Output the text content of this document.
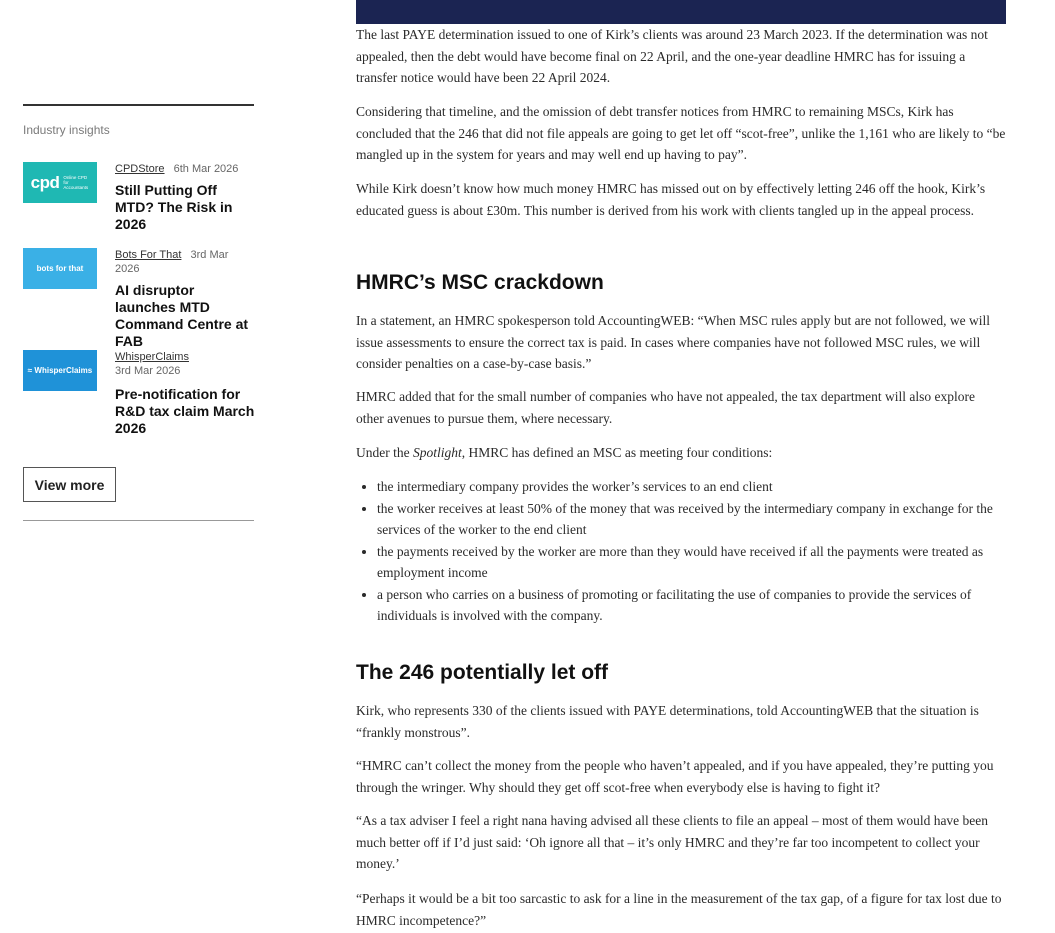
Industry insights
cpd Online CPD for Accountants
CPDStore 6th Mar 2026
Still Putting Off MTD? The Risk in 2026
bots for that
Bots For That 3rd Mar 2026
AI disruptor launches MTD Command Centre at FAB
≈ WhisperClaims
WhisperClaims
3rd Mar 2026
Pre-notification for R&D tax claim March 2026
View more

The last PAYE determination issued to one of Kirk’s clients was around 23 March 2023. If the determination was not appealed, then the debt would have become final on 22 April, and the one-year deadline HMRC has for issuing a transfer notice would have been 22 April 2024.

Considering that timeline, and the omission of debt transfer notices from HMRC to remaining MSCs, Kirk has concluded that the 246 that did not file appeals are going to get let off “scot-free”, unlike the 1,161 who are likely to “be mangled up in the system for years and may well end up having to pay”.

While Kirk doesn’t know how much money HMRC has missed out on by effectively letting 246 off the hook, Kirk’s educated guess is about £30m. This number is derived from his work with clients tangled up in the appeal process.

HMRC’s MSC crackdown

In a statement, an HMRC spokesperson told AccountingWEB: “When MSC rules apply but are not followed, we will issue assessments to ensure the correct tax is paid. In cases where companies have not followed MSC rules, we will consider penalties on a case-by-case basis.”

HMRC added that for the small number of companies who have not appealed, the tax department will also explore other avenues to pursue them, where necessary.

Under the Spotlight, HMRC has defined an MSC as meeting four conditions:

• the intermediary company provides the worker’s services to an end client
• the worker receives at least 50% of the money that was received by the intermediary company in exchange for the services of the worker to the end client
• the payments received by the worker are more than they would have received if all the payments were treated as employment income
• a person who carries on a business of promoting or facilitating the use of companies to provide the services of individuals is involved with the company.
The 246 potentially let off

Kirk, who represents 330 of the clients issued with PAYE determinations, told AccountingWEB that the situation is “frankly monstrous”.

“HMRC can’t collect the money from the people who haven’t appealed, and if you have appealed, they’re putting you through the wringer. Why should they get off scot-free when everybody else is having to fight it?

“As a tax adviser I feel a right nana having advised all these clients to file an appeal – most of them would have been much better off if I’d just said: ‘Oh ignore all that – it’s only HMRC and they’re far too incompetent to collect your money.’

“Perhaps it would be a bit too sarcastic to ask for a line in the measurement of the tax gap, of a figure for tax lost due to HMRC incompetence?”
